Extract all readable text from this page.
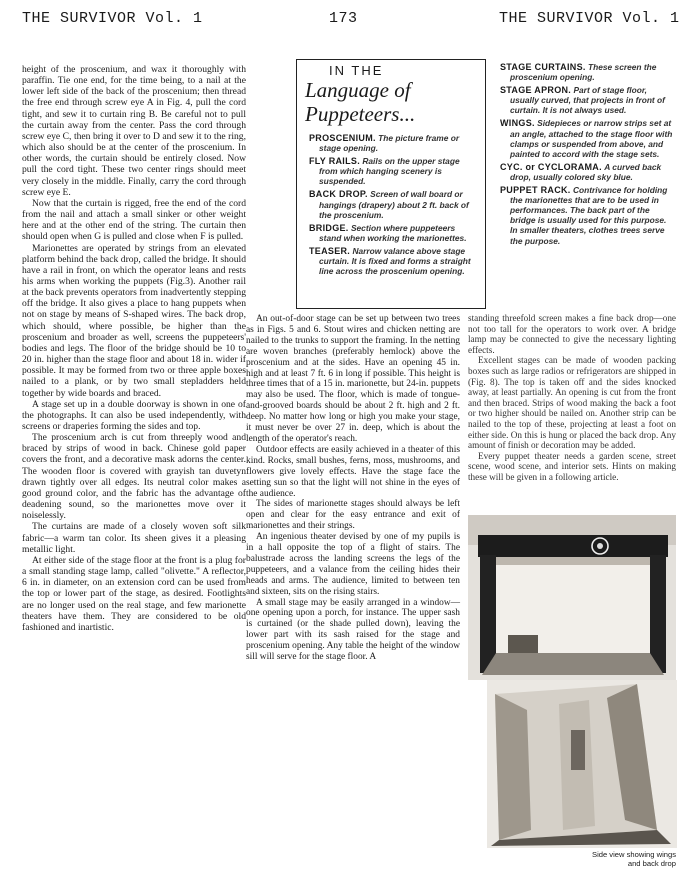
THE SURVIVOR Vol. 1	173	THE SURVIVOR Vol. 1

height of the proscenium, and wax it thoroughly with paraffin. Tie one end, for the time being, to a nail at the lower left side of the back of the proscenium; then thread the free end through screw eye A in Fig. 4, pull the cord tight, and sew it to curtain ring B. Be careful not to pull the curtain away from the center. Pass the cord through screw eye C, then bring it over to D and sew it to the ring, which also should be at the center of the proscenium. In other words, the curtain should be entirely closed. Now pull the cord tight. These two center rings should meet very closely in the middle. Finally, carry the cord through screw eye E.

Now that the curtain is rigged, free the end of the cord from the nail and attach a small sinker or other weight here and at the other end of the string. The curtain then should open when G is pulled and close when F is pulled.

Marionettes are operated by strings from an elevated platform behind the back drop, called the bridge. It should have a rail in front, on which the operator leans and rests his arms when working the puppets (Fig.3). Another rail at the back prevents operators from inadvertently stepping off the bridge. It also gives a place to hang puppets when not on stage by means of S-shaped wires. The back drop, which should, where possible, be higher than the proscenium and broader as well, screens the puppeteers' bodies and legs. The floor of the bridge should be 10 to 20 in. higher than the stage floor and about 18 in. wider if possible. It may be formed from two or three apple boxes nailed to a plank, or by two small stepladders held together by wide boards and braced.

A stage set up in a double doorway is shown in one of the photographs. It can also be used independently, with screens or draperies forming the sides and top.

The proscenium arch is cut from threeply wood and braced by strips of wood in back. Chinese gold paper covers the front, and a decorative mask adorns the center. The wooden floor is covered with grayish tan duvetyn drawn tightly over all edges. Its neutral color makes a good ground color, and the fabric has the advantage of deadening sound, so the marionettes move over it noiselessly.

The curtains are made of a closely woven soft silk fabric—a warm tan color. Its sheen gives it a pleasing metallic light.

At either side of the stage floor at the front is a plug for a small standing stage lamp, called "olivette." A reflector, 6 in. in diameter, on an extension cord can be used from the top or lower part of the stage, as desired. Footlights are no longer used on the real stage, and few marionette theaters have them. They are considered to be old fashioned and inartistic.

IN THE
Language of Puppeteers...
PROSCENIUM. The picture frame or stage opening.
FLY RAILS. Rails on the upper stage from which hanging scenery is suspended.
BACK DROP. Screen of wall board or hangings (drapery) about 2 ft. back of the proscenium.
BRIDGE. Section where puppeteers stand when working the marionettes.
TEASER. Narrow valance above stage curtain. It is fixed and forms a straight line across the proscenium opening.
STAGE CURTAINS. These screen the proscenium opening.
STAGE APRON. Part of stage floor, usually curved, that projects in front of curtain. It is not always used.
WINGS. Sidepieces or narrow strips set at an angle, attached to the stage floor with clamps or suspended from above, and painted to accord with the stage sets.
CYC. or CYCLORAMA. A curved back drop, usually colored sky blue.
PUPPET RACK. Contrivance for holding the marionettes that are to be used in performances. The back part of the bridge is usually used for this purpose. In smaller theaters, clothes trees serve the purpose.

An out-of-door stage can be set up between two trees as in Figs. 5 and 6. Stout wires and chicken netting are nailed to the trunks to support the framing. In the netting are woven branches (preferably hemlock) above the proscenium and at the sides. Have an opening 45 in. high and at least 7 ft. 6 in long if possible. This height is three times that of a 15 in. marionette, but 24-in. puppets may also be used. The floor, which is made of tongue-and-grooved boards should be about 2 ft. high and 2 ft. deep. No matter how long or high you make your stage, it must never be over 27 in. deep, which is about the length of the operator's reach.

Outdoor effects are easily achieved in a theater of this kind. Rocks, small bushes, ferns, moss, mushrooms, and flowers give lovely effects. Have the stage face the setting sun so that the light will not shine in the eyes of the audience.

The sides of marionette stages should always be left open and clear for the easy entrance and exit of marionettes and their strings.

An ingenious theater devised by one of my pupils is in a hall opposite the top of a flight of stairs. The balustrade across the landing screens the legs of the puppeteers, and a valance from the ceiling hides their heads and arms. The audience, limited to between ten and sixteen, sits on the rising stairs.

A small stage may be easily arranged in a window—one opening upon a porch, for instance. The upper sash is curtained (or the shade pulled down), leaving the lower part with its sash raised for the stage and proscenium opening. Any table the height of the window sill will serve for the stage floor. A

standing threefold screen makes a fine back drop—one not too tall for the operators to work over. A bridge lamp may be connected to give the necessary lighting effects.

Excellent stages can be made of wooden packing boxes such as large radios or refrigerators are shipped in (Fig. 8). The top is taken off and the sides knocked away, at least partially. An opening is cut from the front and then braced. Strips of wood making the back a foot or two higher should be nailed on. Another strip can be nailed to the top of these, projecting at least a foot on either side. On this is hung or placed the back drop. Any amount of finish or decoration may be added.

Every puppet theater needs a garden scene, street scene, wood scene, and interior sets. Hints on making these will be given in a following article.

Side view showing wings and back drop
